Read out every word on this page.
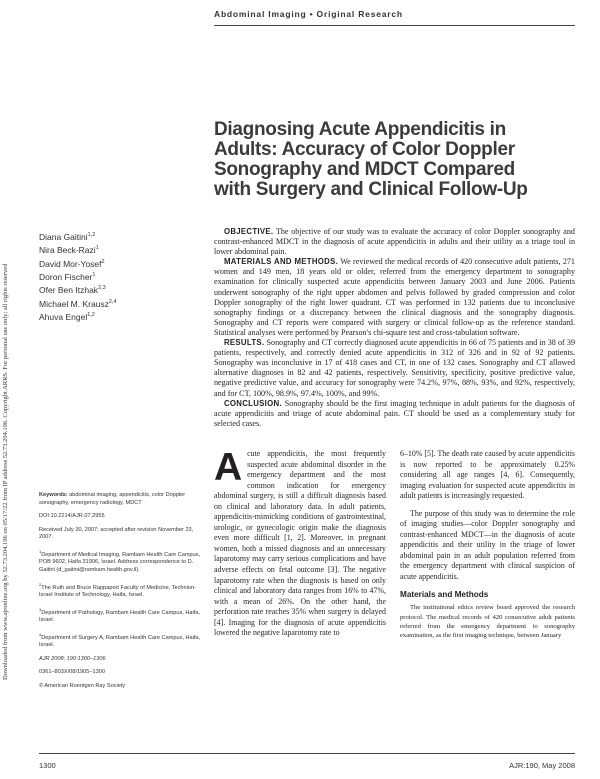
Downloaded from www.ajronline.org by 52.73.204.196 on 05/17/22 from IP address 52.73.204.196. Copyright ARRS. For personal use only; all rights reserved
Abdominal Imaging • Original Research
Diagnosing Acute Appendicitis in Adults: Accuracy of Color Doppler Sonography and MDCT Compared with Surgery and Clinical Follow-Up
Diana Gaitini$^{1,2}$
Nira Beck-Razi$^1$
David Mor-Yosef$^2$
Doron Fischer$^1$
Ofer Ben Itzhak$^{2,3}$
Michael M. Krausz$^{2,4}$
Ahuva Engel$^{1,2}$

OBJECTIVE. The objective of our study was to evaluate the accuracy of color Doppler sonography and contrast-enhanced MDCT in the diagnosis of acute appendicitis in adults and their utility as a triage tool in lower abdominal pain.

MATERIALS AND METHODS. We reviewed the medical records of 420 consecutive adult patients, 271 women and 149 men, 18 years old or older, referred from the emergency department to sonography examination for clinically suspected acute appendicitis between January 2003 and June 2006. Patients underwent sonography of the right upper abdomen and pelvis followed by graded compression and color Doppler sonography of the right lower quadrant. CT was performed in 132 patients due to inconclusive sonography findings or a discrepancy between the clinical diagnosis and the sonography diagnosis. Sonography and CT reports were compared with surgery or clinical follow-up as the reference standard. Statistical analyses were performed by Pearson's chi-square test and cross-tabulation software.

RESULTS. Sonography and CT correctly diagnosed acute appendicitis in 66 of 75 patients and in 38 of 39 patients, respectively, and correctly denied acute appendicitis in 312 of 326 and in 92 of 92 patients. Sonography was inconclusive in 17 of 418 cases and CT, in one of 132 cases. Sonography and CT allowed alternative diagnoses in 82 and 42 patients, respectively. Sensitivity, specificity, positive predictive value, negative predictive value, and accuracy for sonography were 74.2%, 97%, 88%, 93%, and 92%, respectively, and for CT, 100%, 98.9%, 97.4%, 100%, and 99%.

CONCLUSION. Sonography should be the first imaging technique in adult patients for the diagnosis of acute appendicitis and triage of acute abdominal pain. CT should be used as a complementary study for selected cases.

Keywords: abdominal imaging, appendicitis, color Doppler sonography, emergency radiology, MDCT

DOI:10.2214/AJR.07.2955

Received July 30, 2007; accepted after revision November 23, 2007.

$^1$Department of Medical Imaging, Rambam Health Care Campus, POB 9602, Haifa 31906, Israel. Address correspondence to D. Gaitini (d_gaitini@rambam.health.gov.il).

$^2$The Ruth and Bruce Rappaport Faculty of Medicine, Technion-Israel Institute of Technology, Haifa, Israel.

$^3$Department of Pathology, Rambam Health Care Campus, Haifa, Israel.

$^4$Department of Surgery A, Rambam Health Care Campus, Haifa, Israel.

AJR 2008; 190:1300–1306

0361–803X/08/1905–1300

© American Roentgen Ray Society

Acute appendicitis, the most frequently suspected acute abdominal disorder in the emergency department and the most common indication for emergency abdominal surgery, is still a difficult diagnosis based on clinical and laboratory data. In adult patients, appendicitis-mimicking conditions of gastrointestinal, urologic, or gynecologic origin make the diagnosis even more difficult [1, 2]. Moreover, in pregnant women, both a missed diagnosis and an unnecessary laparotomy may carry serious complications and have adverse effects on fetal outcome [3]. The negative laparotomy rate when the diagnosis is based on only clinical and laboratory data ranges from 16% to 47%, with a mean of 26%. On the other hand, the perforation rate reaches 35% when surgery is delayed [4]. Imaging for the diagnosis of acute appendicitis lowered the negative laparotomy rate to

6–10% [5]. The death rate caused by acute appendicitis is now reported to be approximately 0.25% considering all age ranges [4, 6]. Consequently, imaging evaluation for suspected acute appendicitis in adult patients is increasingly requested.

The purpose of this study was to determine the role of imaging studies—color Doppler sonography and contrast-enhanced MDCT—in the diagnosis of acute appendicitis and their utility in the triage of lower abdominal pain in an adult population referred from the emergency department with clinical suspicion of acute appendicitis.

Materials and Methods

The institutional ethics review board approved the research protocol. The medical records of 420 consecutive adult patients referred from the emergency department to sonography examination, as the first imaging technique, between January

1300	AJR:190, May 2008
